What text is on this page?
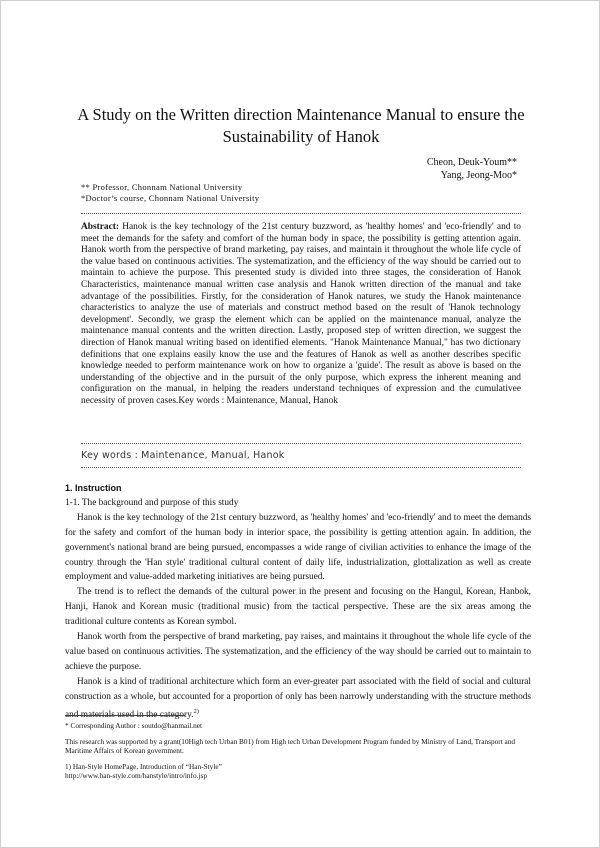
A Study on the Written direction Maintenance Manual to ensure the
Sustainability of Hanok
Cheon, Deuk-Youm**
Yang, Jeong-Moo*
** Professor, Chonnam National University
*Doctor’s course, Chonnam National University
Abstract: Hanok is the key technology of the 21st century buzzword, as 'healthy homes' and 'eco-friendly' and to meet the demands for the safety and comfort of the human body in space, the possibility is getting attention again. Hanok worth from the perspective of brand marketing, pay raises, and maintain it throughout the whole life cycle of the value based on continuous activities. The systematization, and the efficiency of the way should be carried out to maintain to achieve the purpose. This presented study is divided into three stages, the consideration of Hanok Characteristics, maintenance manual written case analysis and Hanok written direction of the manual and take advantage of the possibilities. Firstly, for the consideration of Hanok natures, we study the Hanok maintenance characteristics to analyze the use of materials and construct method based on the result of 'Hanok technology development'. Secondly, we grasp the element which can be applied on the maintenance manual, analyze the maintenance manual contents and the written direction. Lastly, proposed step of written direction, we suggest the direction of Hanok manual writing based on identified elements. "Hanok Maintenance Manual," has two dictionary definitions that one explains easily know the use and the features of Hanok as well as another describes specific knowledge needed to perform maintenance work on how to organize a 'guide'. The result as above is based on the understanding of the objective and in the pursuit of the only purpose, which express the inherent meaning and configuration on the manual, in helping the readers understand techniques of expression and the cumulativee necessity of proven cases.Key words : Maintenance, Manual, Hanok
Key words : Maintenance, Manual, Hanok

1. Instruction

1-1. The background and purpose of this study

Hanok is the key technology of the 21st century buzzword, as 'healthy homes' and 'eco-friendly' and to meet the demands for the safety and comfort of the human body in interior space, the possibility is getting attention again. In addition, the government's national brand are being pursued, encompasses a wide range of civilian activities to enhance the image of the country through the 'Han style' traditional cultural content of daily life, industrialization, glottalization as well as create employment and value-added marketing initiatives are being pursued.

The trend is to reflect the demands of the cultural power in the present and focusing on the Hangul, Korean, Hanbok, Hanji, Hanok and Korean music (traditional music) from the tactical perspective. These are the six areas among the traditional culture contents as Korean symbol.

Hanok worth from the perspective of brand marketing, pay raises, and maintains it throughout the whole life cycle of the value based on continuous activities. The systematization, and the efficiency of the way should be carried out to maintain to achieve the purpose.

Hanok is a kind of traditional architecture which form an ever-greater part associated with the field of social and cultural construction as a whole, but accounted for a proportion of only has been narrowly understanding with the structure methods and materials used in the category.$^{2)}$

* Corresponding Author : soutdo@hanmail.net

This research was supported by a grant(10High tech Urban B01) from High tech Urban Development Program funded by Ministry of Land, Transport and Maritime Affairs of Korean government.

1) Han-Style HomePage, Introduction of “Han-Style”

http://www.han-style.com/hanstyle/intro/info.jsp
